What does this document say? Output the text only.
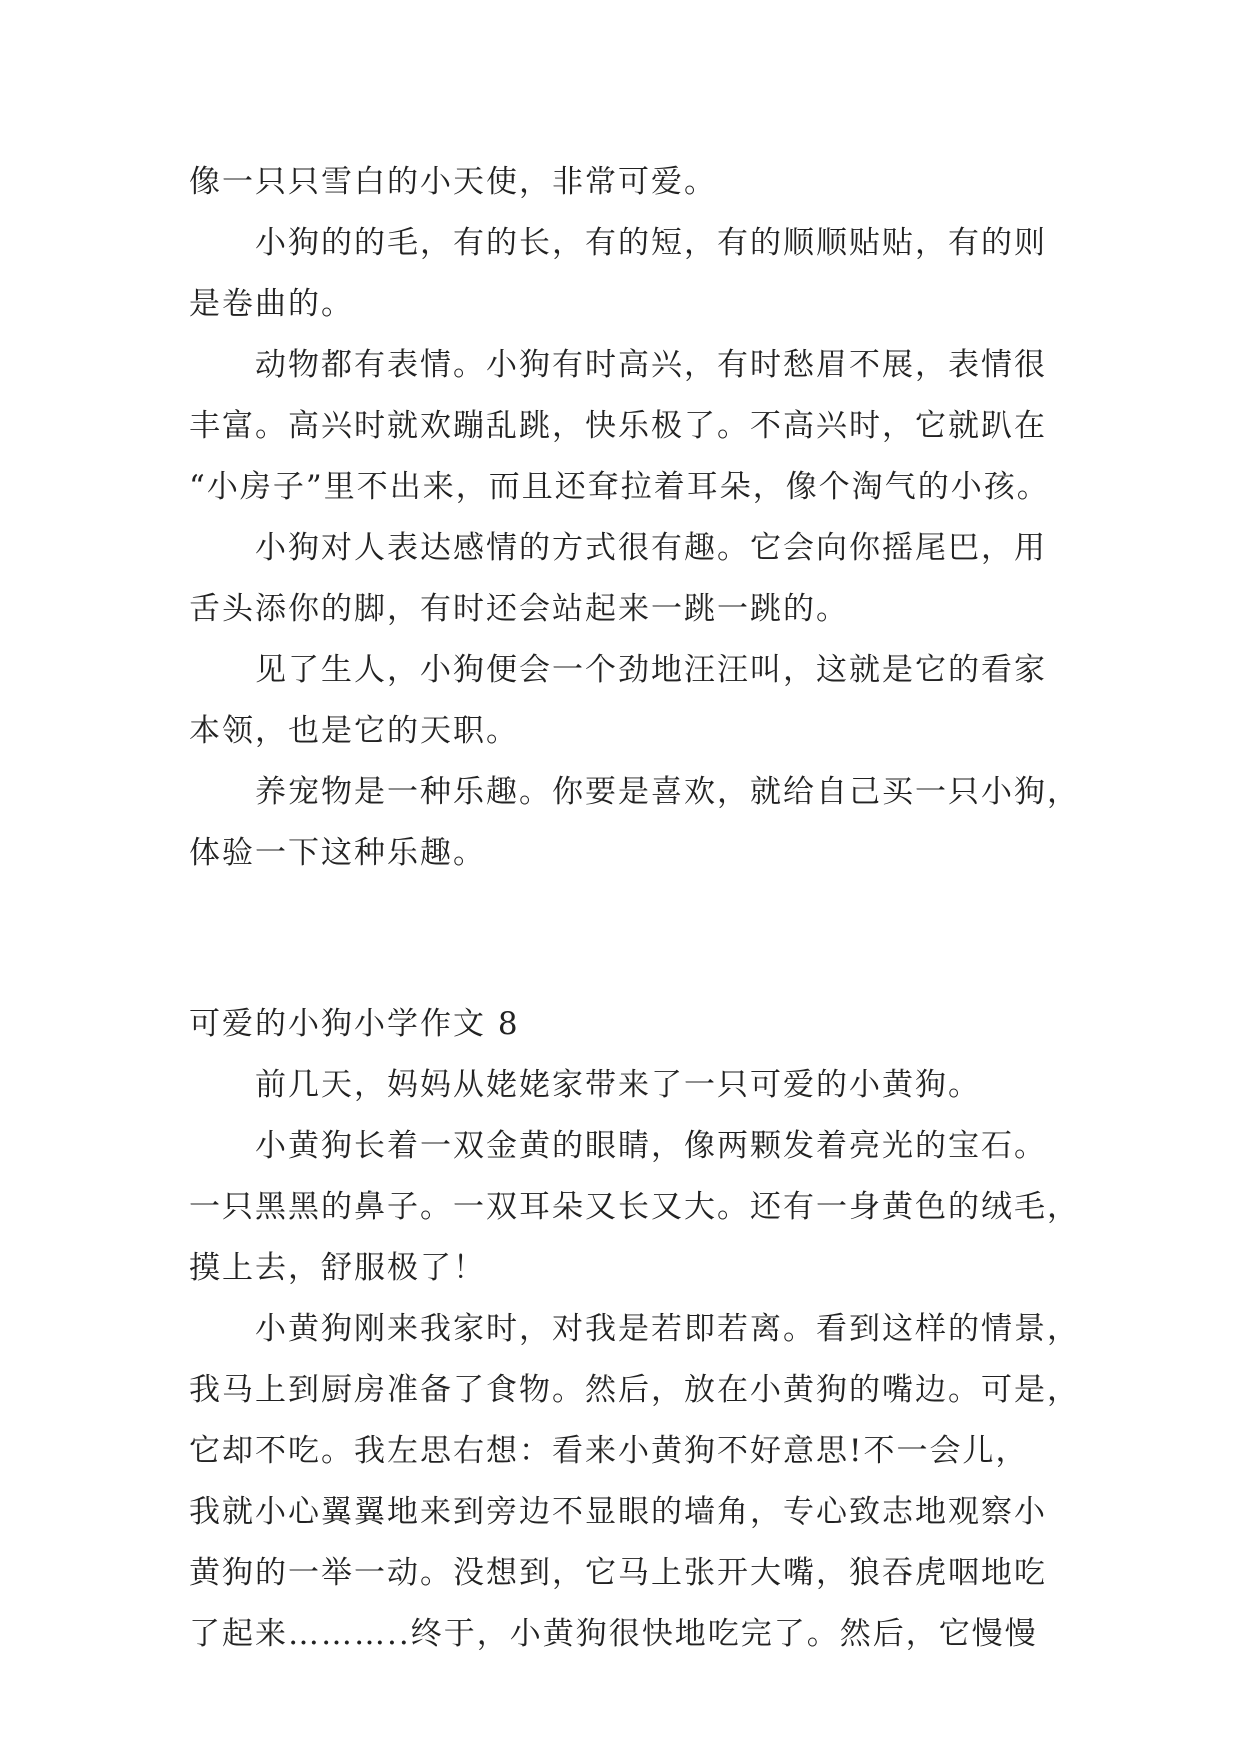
像一只只雪白的小天使，非常可爱。
小狗的的毛，有的长，有的短，有的顺顺贴贴，有的则
是卷曲的。
动物都有表情。小狗有时高兴，有时愁眉不展，表情很
丰富。高兴时就欢蹦乱跳，快乐极了。不高兴时，它就趴在
“小房子”里不出来，而且还耷拉着耳朵，像个淘气的小孩。
小狗对人表达感情的方式很有趣。它会向你摇尾巴，用
舌头添你的脚，有时还会站起来一跳一跳的。
见了生人，小狗便会一个劲地汪汪叫，这就是它的看家
本领，也是它的天职。
养宠物是一种乐趣。你要是喜欢，就给自己买一只小狗，
体验一下这种乐趣。
可爱的小狗小学作文 8
前几天，妈妈从姥姥家带来了一只可爱的小黄狗。
小黄狗长着一双金黄的眼睛，像两颗发着亮光的宝石。
一只黑黑的鼻子。一双耳朵又长又大。还有一身黄色的绒毛，
摸上去，舒服极了！
小黄狗刚来我家时，对我是若即若离。看到这样的情景，
我马上到厨房准备了食物。然后，放在小黄狗的嘴边。可是，
它却不吃。我左思右想：看来小黄狗不好意思!不一会儿，
我就小心翼翼地来到旁边不显眼的墙角，专心致志地观察小
黄狗的一举一动。没想到，它马上张开大嘴，狼吞虎咽地吃
了起来………..终于，小黄狗很快地吃完了。然后，它慢慢
